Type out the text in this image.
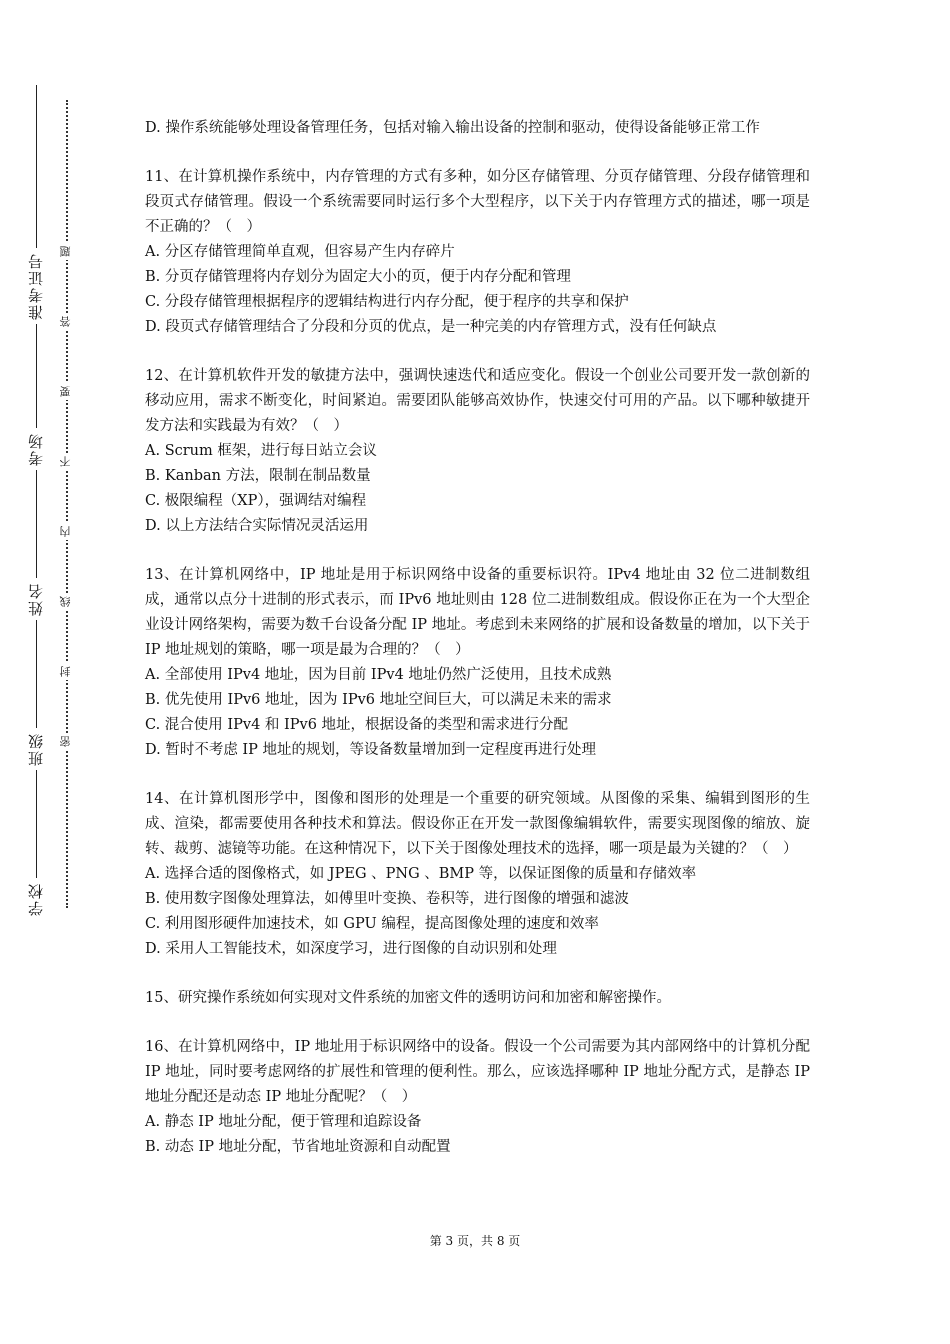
准考证号
考场
姓名
班级
学校
题
答
要
不
内
线
封
密

D. 操作系统能够处理设备管理任务，包括对输入输出设备的控制和驱动，使得设备能够正常工作

11、在计算机操作系统中，内存管理的方式有多种，如分区存储管理、分页存储管理、分段存储管理和段页式存储管理。假设一个系统需要同时运行多个大型程序，以下关于内存管理方式的描述，哪一项是不正确的？（　）

A. 分区存储管理简单直观，但容易产生内存碎片

B. 分页存储管理将内存划分为固定大小的页，便于内存分配和管理

C. 分段存储管理根据程序的逻辑结构进行内存分配，便于程序的共享和保护

D. 段页式存储管理结合了分段和分页的优点，是一种完美的内存管理方式，没有任何缺点

12、在计算机软件开发的敏捷方法中，强调快速迭代和适应变化。假设一个创业公司要开发一款创新的移动应用，需求不断变化，时间紧迫。需要团队能够高效协作，快速交付可用的产品。以下哪种敏捷开发方法和实践最为有效？（　）

A. Scrum 框架，进行每日站立会议

B. Kanban 方法，限制在制品数量

C. 极限编程（XP），强调结对编程

D. 以上方法结合实际情况灵活运用

13、在计算机网络中，IP 地址是用于标识网络中设备的重要标识符。IPv4 地址由 32 位二进制数组成，通常以点分十进制的形式表示，而 IPv6 地址则由 128 位二进制数组成。假设你正在为一个大型企业设计网络架构，需要为数千台设备分配 IP 地址。考虑到未来网络的扩展和设备数量的增加，以下关于 IP 地址规划的策略，哪一项是最为合理的？（　）

A. 全部使用 IPv4 地址，因为目前 IPv4 地址仍然广泛使用，且技术成熟

B. 优先使用 IPv6 地址，因为 IPv6 地址空间巨大，可以满足未来的需求

C. 混合使用 IPv4 和 IPv6 地址，根据设备的类型和需求进行分配

D. 暂时不考虑 IP 地址的规划，等设备数量增加到一定程度再进行处理

14、在计算机图形学中，图像和图形的处理是一个重要的研究领域。从图像的采集、编辑到图形的生成、渲染，都需要使用各种技术和算法。假设你正在开发一款图像编辑软件，需要实现图像的缩放、旋转、裁剪、滤镜等功能。在这种情况下，以下关于图像处理技术的选择，哪一项是最为关键的？（　）

A. 选择合适的图像格式，如 JPEG 、PNG 、BMP 等，以保证图像的质量和存储效率

B. 使用数字图像处理算法，如傅里叶变换、卷积等，进行图像的增强和滤波

C. 利用图形硬件加速技术，如 GPU 编程，提高图像处理的速度和效率

D. 采用人工智能技术，如深度学习，进行图像的自动识别和处理

15、研究操作系统如何实现对文件系统的加密文件的透明访问和加密和解密操作。

16、在计算机网络中，IP 地址用于标识网络中的设备。假设一个公司需要为其内部网络中的计算机分配 IP 地址，同时要考虑网络的扩展性和管理的便利性。那么，应该选择哪种 IP 地址分配方式，是静态 IP 地址分配还是动态 IP 地址分配呢？（　）

A. 静态 IP 地址分配，便于管理和追踪设备

B. 动态 IP 地址分配，节省地址资源和自动配置

第 3 页，共 8 页
